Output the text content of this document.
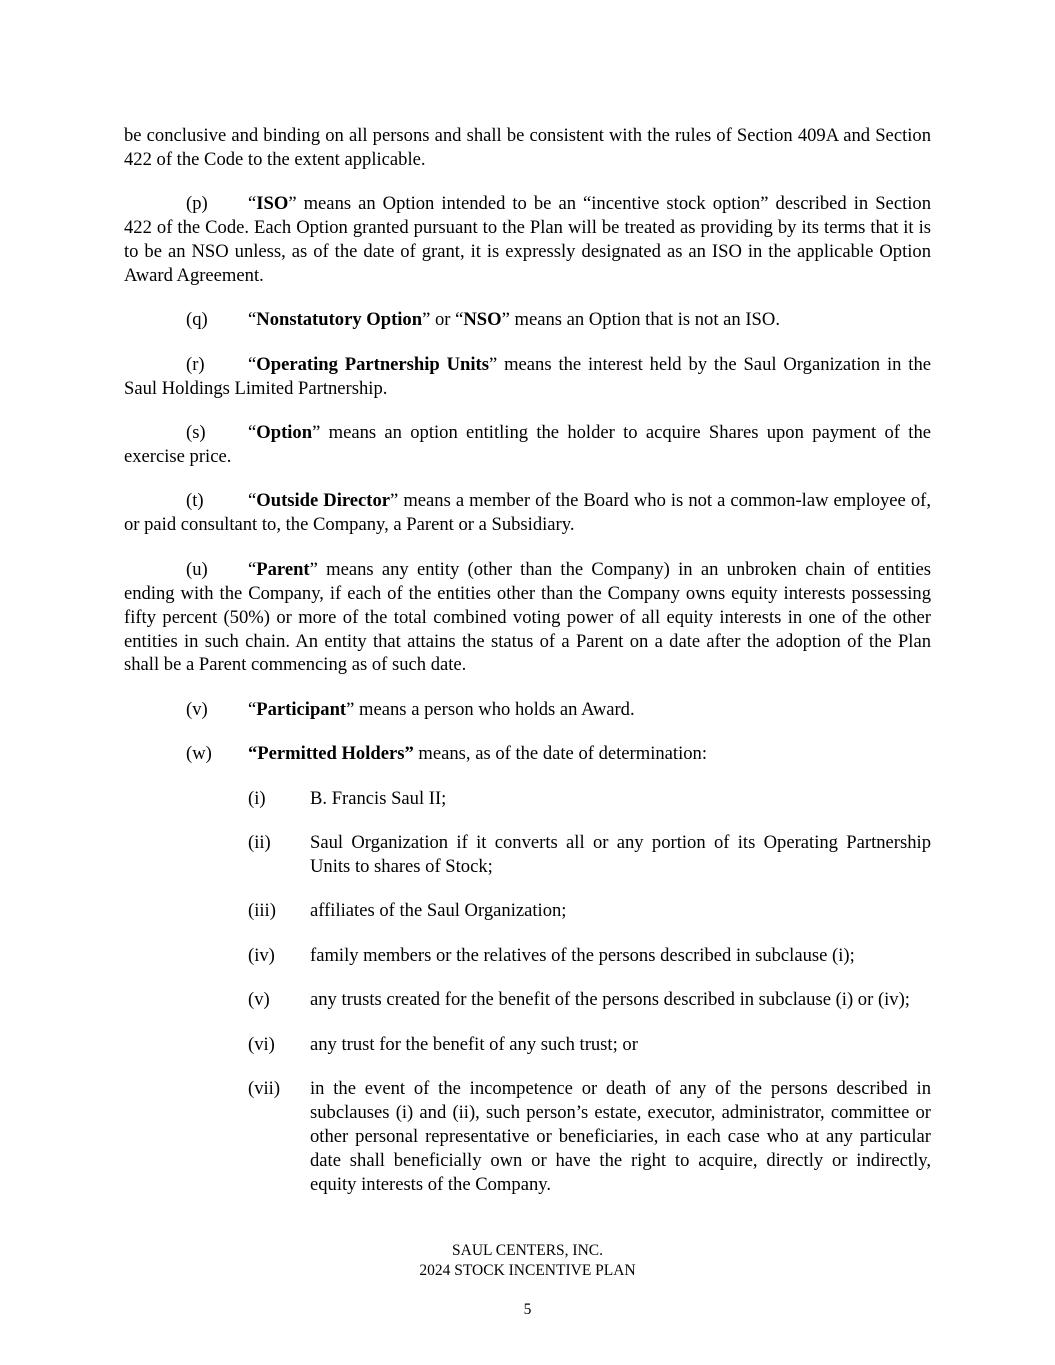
be conclusive and binding on all persons and shall be consistent with the rules of Section 409A and Section 422 of the Code to the extent applicable.

(p) “ISO” means an Option intended to be an “incentive stock option” described in Section 422 of the Code. Each Option granted pursuant to the Plan will be treated as providing by its terms that it is to be an NSO unless, as of the date of grant, it is expressly designated as an ISO in the applicable Option Award Agreement.

(q) “Nonstatutory Option” or “NSO” means an Option that is not an ISO.

(r) “Operating Partnership Units” means the interest held by the Saul Organization in the Saul Holdings Limited Partnership.

(s) “Option” means an option entitling the holder to acquire Shares upon payment of the exercise price.

(t) “Outside Director” means a member of the Board who is not a common-law employee of, or paid consultant to, the Company, a Parent or a Subsidiary.

(u) “Parent” means any entity (other than the Company) in an unbroken chain of entities ending with the Company, if each of the entities other than the Company owns equity interests possessing fifty percent (50%) or more of the total combined voting power of all equity interests in one of the other entities in such chain. An entity that attains the status of a Parent on a date after the adoption of the Plan shall be a Parent commencing as of such date.

(v) “Participant” means a person who holds an Award.

(w) “Permitted Holders” means, as of the date of determination:

(i)	B. Francis Saul II;
(ii)	Saul Organization if it converts all or any portion of its Operating Partnership Units to shares of Stock;
(iii)	affiliates of the Saul Organization;
(iv)	family members or the relatives of the persons described in subclause (i);
(v)	any trusts created for the benefit of the persons described in subclause (i) or (iv);
(vi)	any trust for the benefit of any such trust; or
(vii)	in the event of the incompetence or death of any of the persons described in subclauses (i) and (ii), such person’s estate, executor, administrator, committee or other personal representative or beneficiaries, in each case who at any particular date shall beneficially own or have the right to acquire, directly or indirectly, equity interests of the Company.
SAUL CENTERS, INC.
2024 STOCK INCENTIVE PLAN
5
